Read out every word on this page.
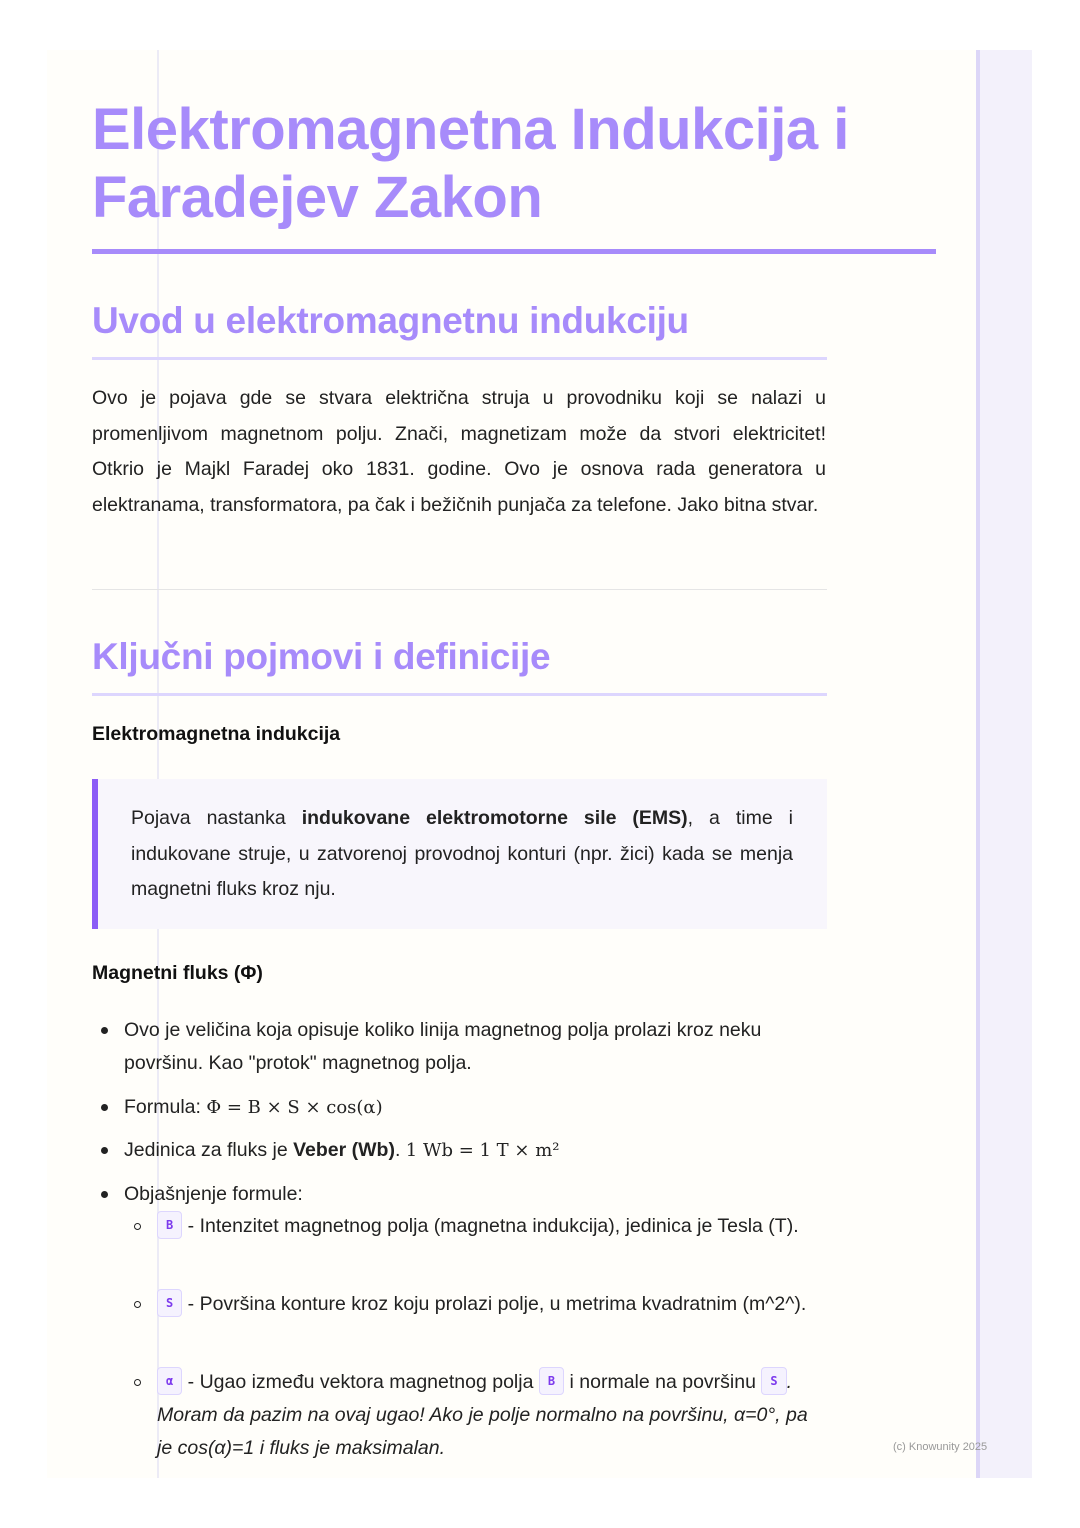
Elektromagnetna Indukcija i Faradejev Zakon
Uvod u elektromagnetnu indukciju

Ovo je pojava gde se stvara električna struja u provodniku koji se nalazi u promenljivom magnetnom polju. Znači, magnetizam može da stvori elektricitet! Otkrio je Majkl Faradej oko 1831. godine. Ovo je osnova rada generatora u elektranama, transformatora, pa čak i bežičnih punjača za telefone. Jako bitna stvar.

Ključni pojmovi i definicije
Elektromagnetna indukcija

Pojava nastanka indukovane elektromotorne sile (EMS), a time i indukovane struje, u zatvorenoj provodnoj konturi (npr. žici) kada se menja magnetni fluks kroz nju.

Magnetni fluks (Φ)
Ovo je veličina koja opisuje koliko linija magnetnog polja prolazi kroz neku površinu. Kao "protok" magnetnog polja.
Formula: Φ = B × S × cos(α)
Jedinica za fluks je Veber (Wb). 1 Wb = 1 T × m²
Objašnjenje formule:
B - Intenzitet magnetnog polja (magnetna indukcija), jedinica je Tesla (T).
S - Površina konture kroz koju prolazi polje, u metrima kvadratnim (m^2^).
α - Ugao između vektora magnetnog polja B i normale na površinu S . Moram da pazim na ovaj ugao! Ako je polje normalno na površinu, α=0°, pa je cos(α)=1 i fluks je maksimalan.	(c) Knowunity 2025
